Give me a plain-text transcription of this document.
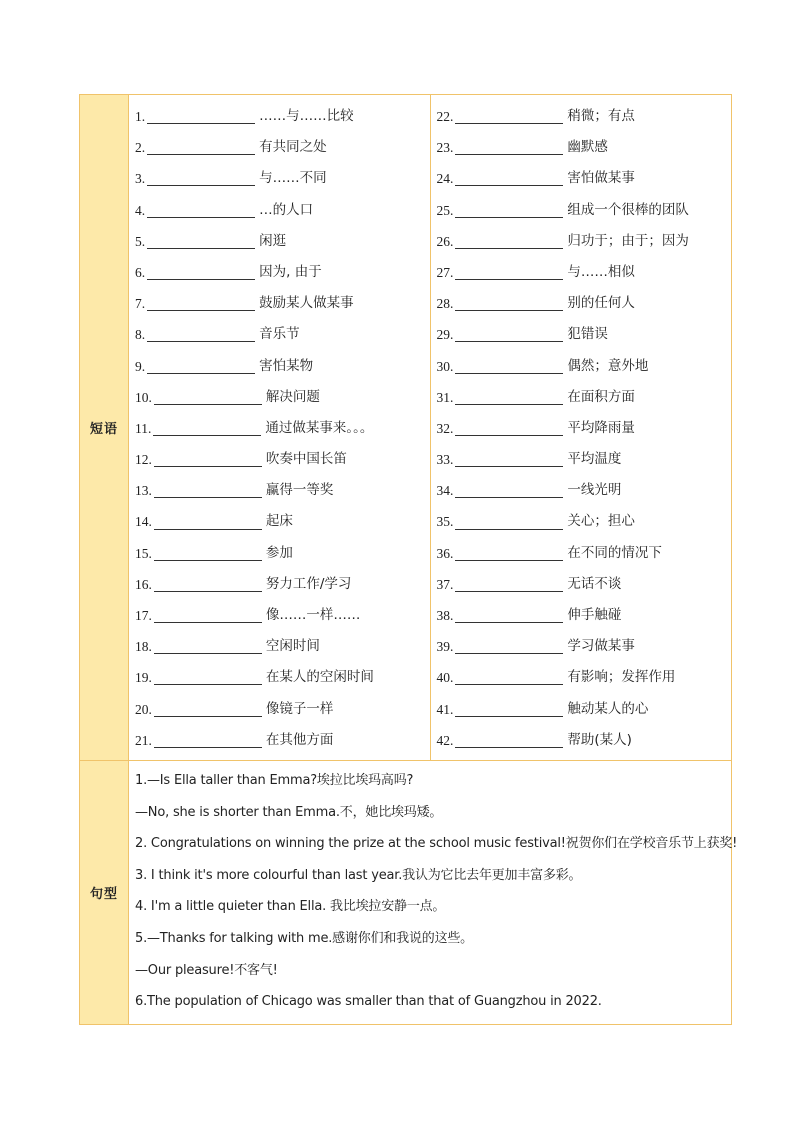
短语
1.	……与……比较
2.	有共同之处
3.	与……不同
4.	…的人口
5.	闲逛
6.	因为, 由于
7.	鼓励某人做某事
8.	音乐节
9.	害怕某物
10.	解决问题
11.	通过做某事来。。。
12.	吹奏中国长笛
13.	赢得一等奖
14.	起床
15.	参加
16.	努力工作/学习
17.	像……一样……
18.	空闲时间
19.	在某人的空闲时间
20.	像镜子一样
21.	在其他方面
22.	稍微；有点
23.	幽默感
24.	害怕做某事
25.	组成一个很棒的团队
26.	归功于；由于；因为
27.	与……相似
28.	别的任何人
29.	犯错误
30.	偶然；意外地
31.	在面积方面
32.	平均降雨量
33.	平均温度
34.	一线光明
35.	关心；担心
36.	在不同的情况下
37.	无话不谈
38.	伸手触碰
39.	学习做某事
40.	有影响；发挥作用
41.	触动某人的心
42.	帮助(某人)
句型
1.—Is Ella taller than Emma?埃拉比埃玛高吗?
—No, she is shorter than Emma.不，她比埃玛矮。
2. Congratulations on winning the prize at the school music festival!祝贺你们在学校音乐节上获奖!
3. I think it's more colourful than last year.我认为它比去年更加丰富多彩。
4. I'm a little quieter than Ella. 我比埃拉安静一点。
5.—Thanks for talking with me.感谢你们和我说的这些。
—Our pleasure!不客气!
6.The population of Chicago was smaller than that of Guangzhou in 2022.
